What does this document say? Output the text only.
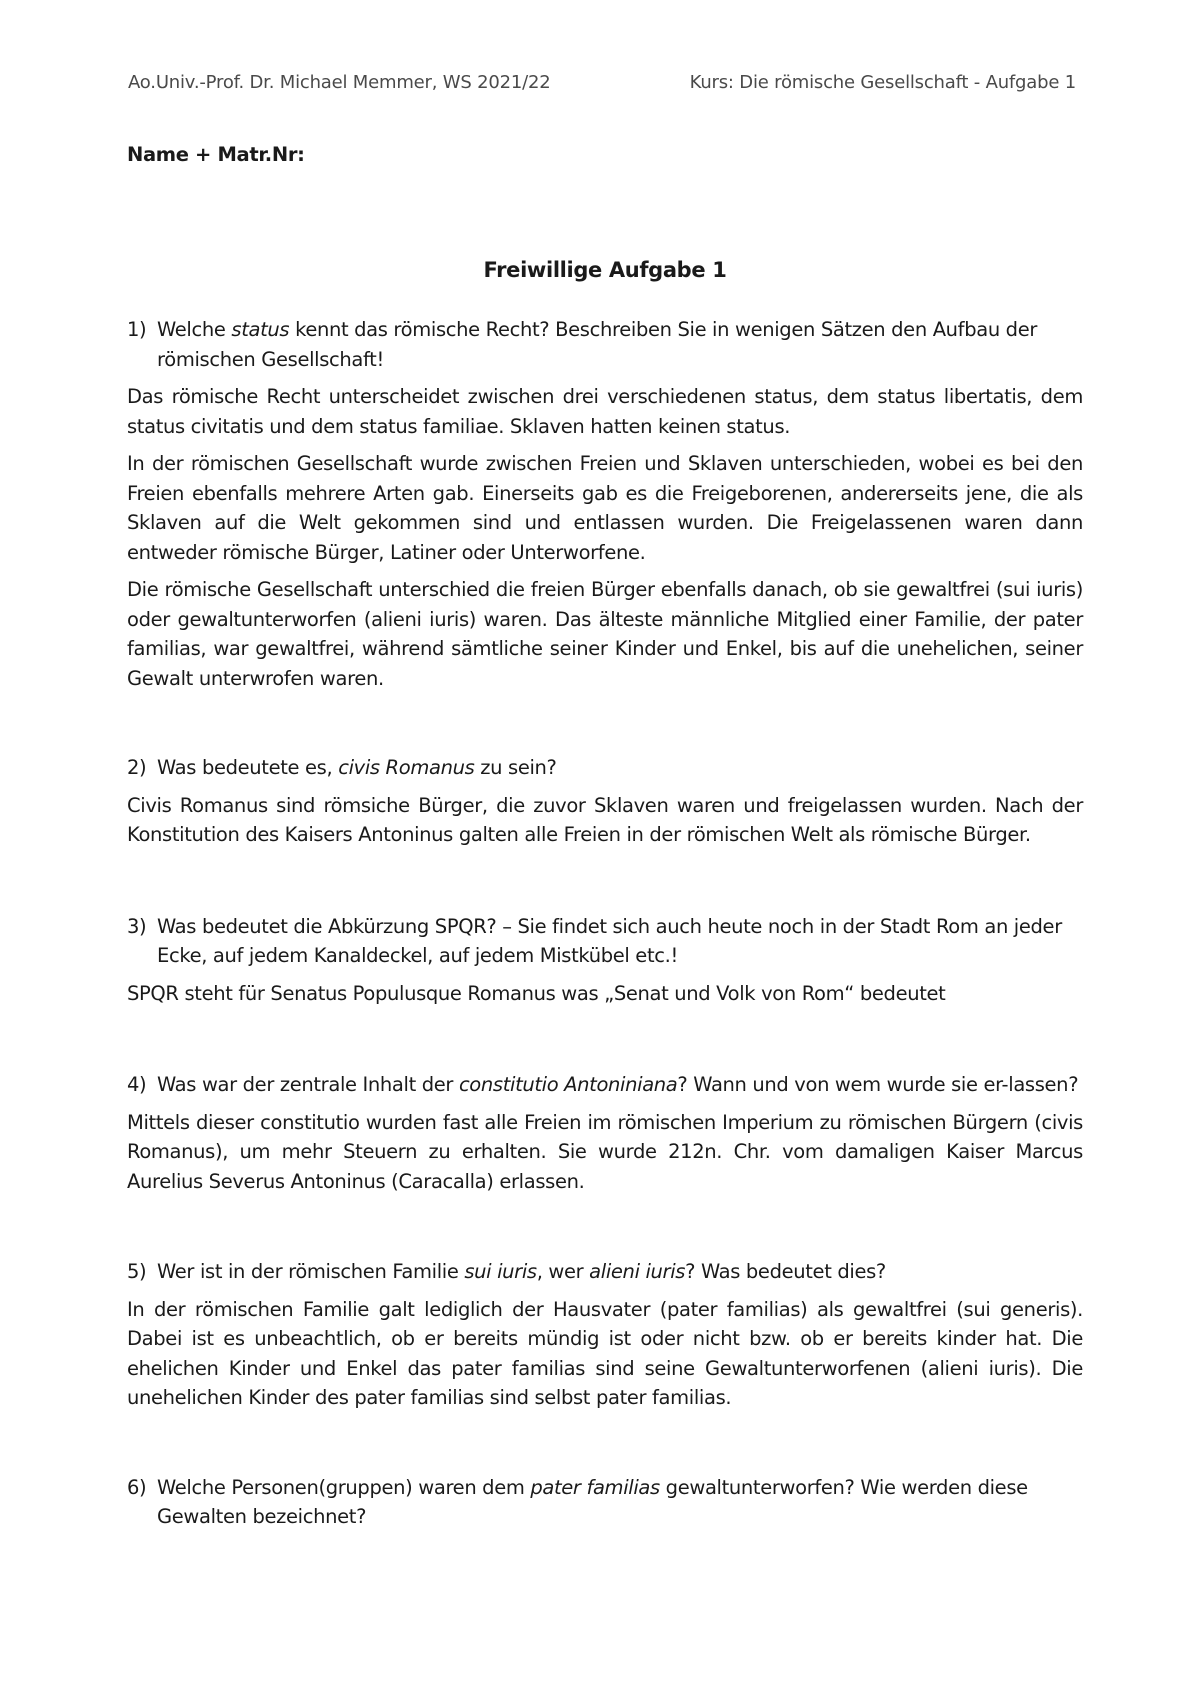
Ao.Univ.-Prof. Dr. Michael Memmer, WS 2021/22	Kurs: Die römische Gesellschaft - Aufgabe 1

Name + Matr.Nr:

Freiwillige Aufgabe 1

1) Welche status kennt das römische Recht? Beschreiben Sie in wenigen Sätzen den Aufbau der römischen Gesellschaft!

Das römische Recht unterscheidet zwischen drei verschiedenen status, dem status libertatis, dem status civitatis und dem status familiae. Sklaven hatten keinen status.

In der römischen Gesellschaft wurde zwischen Freien und Sklaven unterschieden, wobei es bei den Freien ebenfalls mehrere Arten gab. Einerseits gab es die Freigeborenen, andererseits jene, die als Sklaven auf die Welt gekommen sind und entlassen wurden. Die Freigelassenen waren dann entweder römische Bürger, Latiner oder Unterworfene.

Die römische Gesellschaft unterschied die freien Bürger ebenfalls danach, ob sie gewaltfrei (sui iuris) oder gewaltunterworfen (alieni iuris) waren. Das älteste männliche Mitglied einer Familie, der pater familias, war gewaltfrei, während sämtliche seiner Kinder und Enkel, bis auf die unehelichen, seiner Gewalt unterwrofen waren.

2) Was bedeutete es, civis Romanus zu sein?

Civis Romanus sind römsiche Bürger, die zuvor Sklaven waren und freigelassen wurden. Nach der Konstitution des Kaisers Antoninus galten alle Freien in der römischen Welt als römische Bürger.

3) Was bedeutet die Abkürzung SPQR? – Sie findet sich auch heute noch in der Stadt Rom an jeder Ecke, auf jedem Kanaldeckel, auf jedem Mistkübel etc.!

SPQR steht für Senatus Populusque Romanus was „Senat und Volk von Rom“ bedeutet

4) Was war der zentrale Inhalt der constitutio Antoniniana? Wann und von wem wurde sie er-lassen?

Mittels dieser constitutio wurden fast alle Freien im römischen Imperium zu römischen Bürgern (civis Romanus), um mehr Steuern zu erhalten. Sie wurde 212n. Chr. vom damaligen Kaiser Marcus Aurelius Severus Antoninus (Caracalla) erlassen.

5) Wer ist in der römischen Familie sui iuris, wer alieni iuris? Was bedeutet dies?

In der römischen Familie galt lediglich der Hausvater (pater familias) als gewaltfrei (sui generis). Dabei ist es unbeachtlich, ob er bereits mündig ist oder nicht bzw. ob er bereits kinder hat. Die ehelichen Kinder und Enkel das pater familias sind seine Gewaltunterworfenen (alieni iuris). Die unehelichen Kinder des pater familias sind selbst pater familias.

6) Welche Personen(gruppen) waren dem pater familias gewaltunterworfen? Wie werden diese Gewalten bezeichnet?
